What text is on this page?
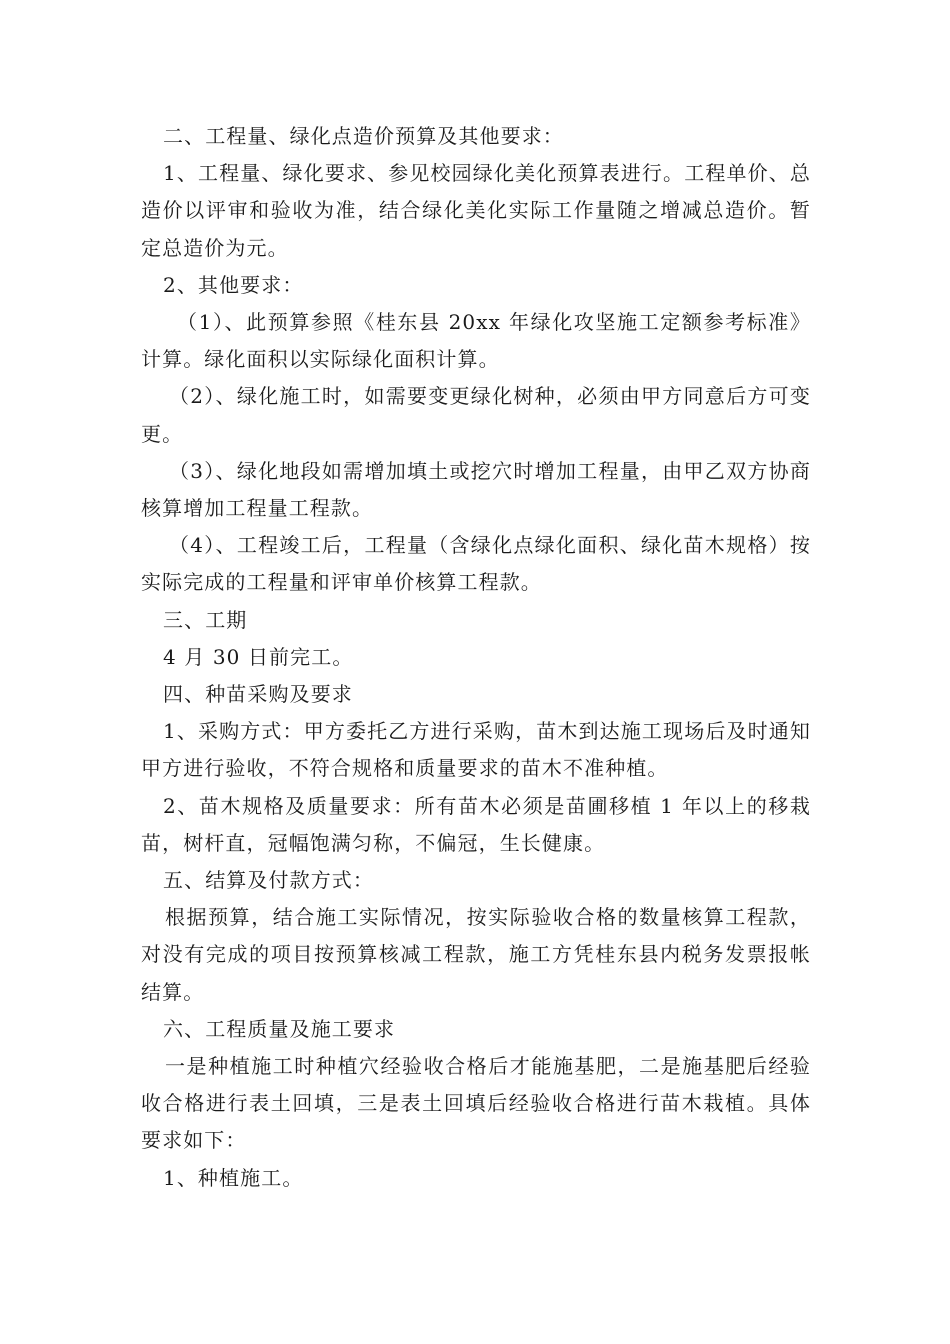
二、工程量、绿化点造价预算及其他要求：

1、工程量、绿化要求、参见校园绿化美化预算表进行。工程单价、总造价以评审和验收为准，结合绿化美化实际工作量随之增减总造价。暂定总造价为元。

2、其他要求：

（1）、此预算参照《桂东县 20xx 年绿化攻坚施工定额参考标准》计算。绿化面积以实际绿化面积计算。

（2）、绿化施工时，如需要变更绿化树种，必须由甲方同意后方可变更。

（3）、绿化地段如需增加填土或挖穴时增加工程量，由甲乙双方协商核算增加工程量工程款。

（4）、工程竣工后，工程量（含绿化点绿化面积、绿化苗木规格）按实际完成的工程量和评审单价核算工程款。

三、工期

4 月 30 日前完工。

四、种苗采购及要求

1、采购方式：甲方委托乙方进行采购，苗木到达施工现场后及时通知甲方进行验收，不符合规格和质量要求的苗木不准种植。

2、苗木规格及质量要求：所有苗木必须是苗圃移植 1 年以上的移栽苗，树杆直，冠幅饱满匀称，不偏冠，生长健康。

五、结算及付款方式：

根据预算，结合施工实际情况，按实际验收合格的数量核算工程款，对没有完成的项目按预算核减工程款，施工方凭桂东县内税务发票报帐结算。

六、工程质量及施工要求

一是种植施工时种植穴经验收合格后才能施基肥，二是施基肥后经验收合格进行表土回填，三是表土回填后经验收合格进行苗木栽植。具体要求如下：

1、种植施工。
